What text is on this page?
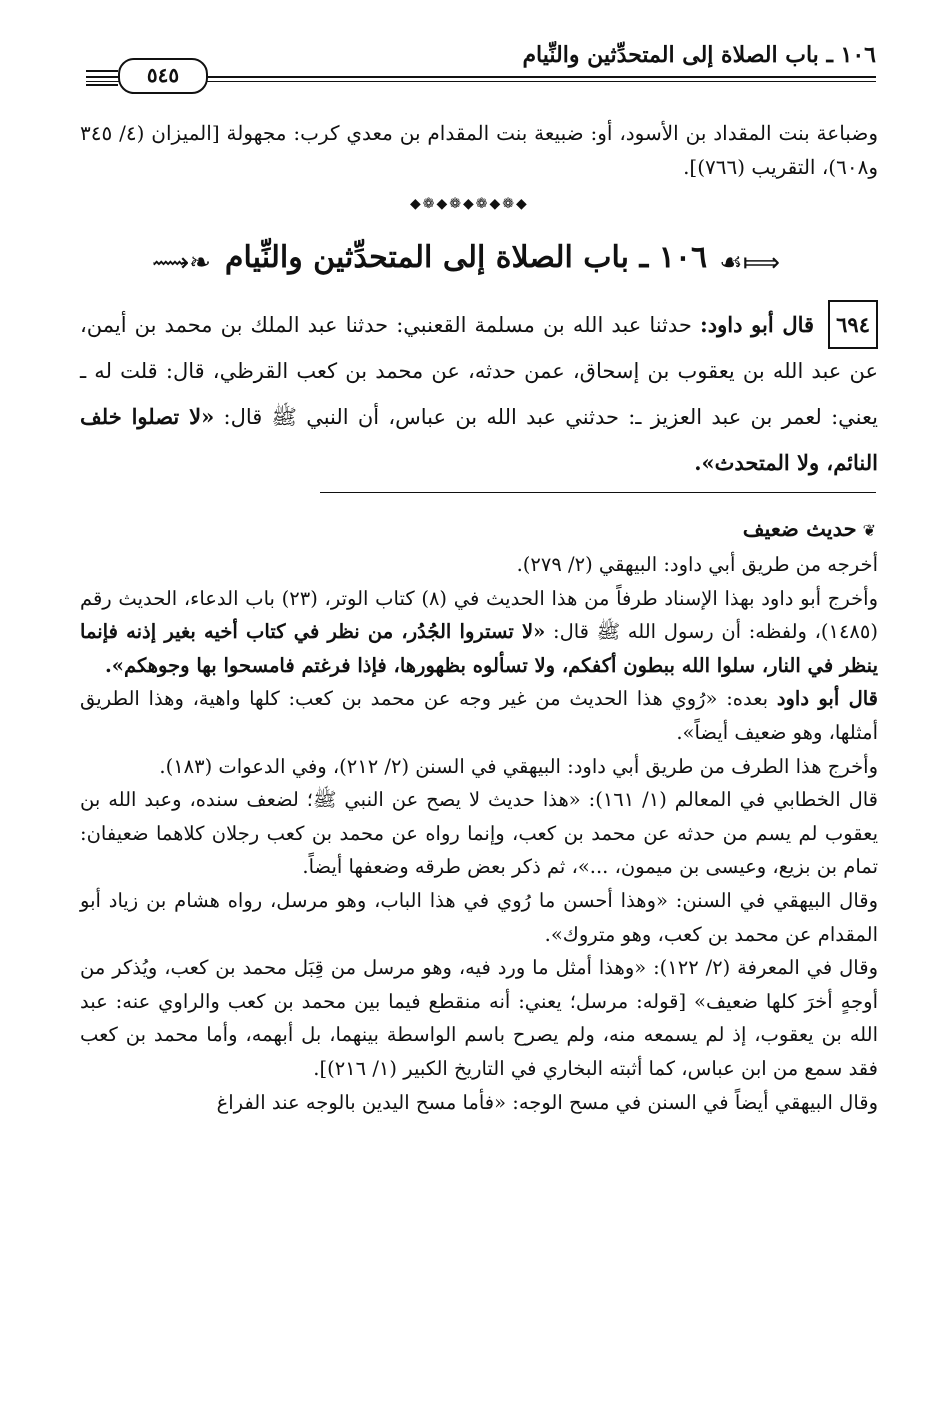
١٠٦ ـ باب الصلاة إلى المتحدِّثين والنِّيام
٥٤٥
وضباعة بنت المقداد بن الأسود، أو: ضبيعة بنت المقدام بن معدي كرب: مجهولة [الميزان (٤/ ٣٤٥ و٦٠٨)، التقريب (٧٦٦)].
◆❁◆❁◆❁◆❁◆
⟿❧ ١٠٦ ـ باب الصلاة إلى المتحدِّثين والنِّيام ☙⟾
٦٩٤ قال أبو داود: حدثنا عبد الله بن مسلمة القعنبي: حدثنا عبد الملك بن محمد بن أيمن، عن عبد الله بن يعقوب بن إسحاق، عمن حدثه، عن محمد بن كعب القرظي، قال: قلت له ـ يعني: لعمر بن عبد العزيز ـ: حدثني عبد الله بن عباس، أن النبي ﷺ قال: «لا تصلوا خلف النائم، ولا المتحدث».
❦حديث ضعيف
أخرجه من طريق أبي داود: البيهقي (٢/ ٢٧٩).
وأخرج أبو داود بهذا الإسناد طرفاً من هذا الحديث في (٨) كتاب الوتر، (٢٣) باب الدعاء، الحديث رقم (١٤٨٥)، ولفظه: أن رسول الله ﷺ قال: «لا تستروا الجُدُر، من نظر في كتاب أخيه بغير إذنه فإنما ينظر في النار، سلوا الله ببطون أكفكم، ولا تسألوه بظهورها، فإذا فرغتم فامسحوا بها وجوهكم».
قال أبو داود بعده: «رُوي هذا الحديث من غير وجه عن محمد بن كعب: كلها واهية، وهذا الطريق أمثلها، وهو ضعيف أيضاً».
وأخرج هذا الطرف من طريق أبي داود: البيهقي في السنن (٢/ ٢١٢)، وفي الدعوات (١٨٣).
قال الخطابي في المعالم (١/ ١٦١): «هذا حديث لا يصح عن النبي ﷺ؛ لضعف سنده، وعبد الله بن يعقوب لم يسم من حدثه عن محمد بن كعب، وإنما رواه عن محمد بن كعب رجلان كلاهما ضعيفان: تمام بن بزيع، وعيسى بن ميمون، ...»، ثم ذكر بعض طرقه وضعفها أيضاً.
وقال البيهقي في السنن: «وهذا أحسن ما رُوي في هذا الباب، وهو مرسل، رواه هشام بن زياد أبو المقدام عن محمد بن كعب، وهو متروك».
وقال في المعرفة (٢/ ١٢٢): «وهذا أمثل ما ورد فيه، وهو مرسل من قِبَل محمد بن كعب، ويُذكر من أوجهٍ أخرَ كلها ضعيف» [قوله: مرسل؛ يعني: أنه منقطع فيما بين محمد بن كعب والراوي عنه: عبد الله بن يعقوب، إذ لم يسمعه منه، ولم يصرح باسم الواسطة بينهما، بل أبهمه، وأما محمد بن كعب فقد سمع من ابن عباس، كما أثبته البخاري في التاريخ الكبير (١/ ٢١٦)].
وقال البيهقي أيضاً في السنن في مسح الوجه: «فأما مسح اليدين بالوجه عند الفراغ
